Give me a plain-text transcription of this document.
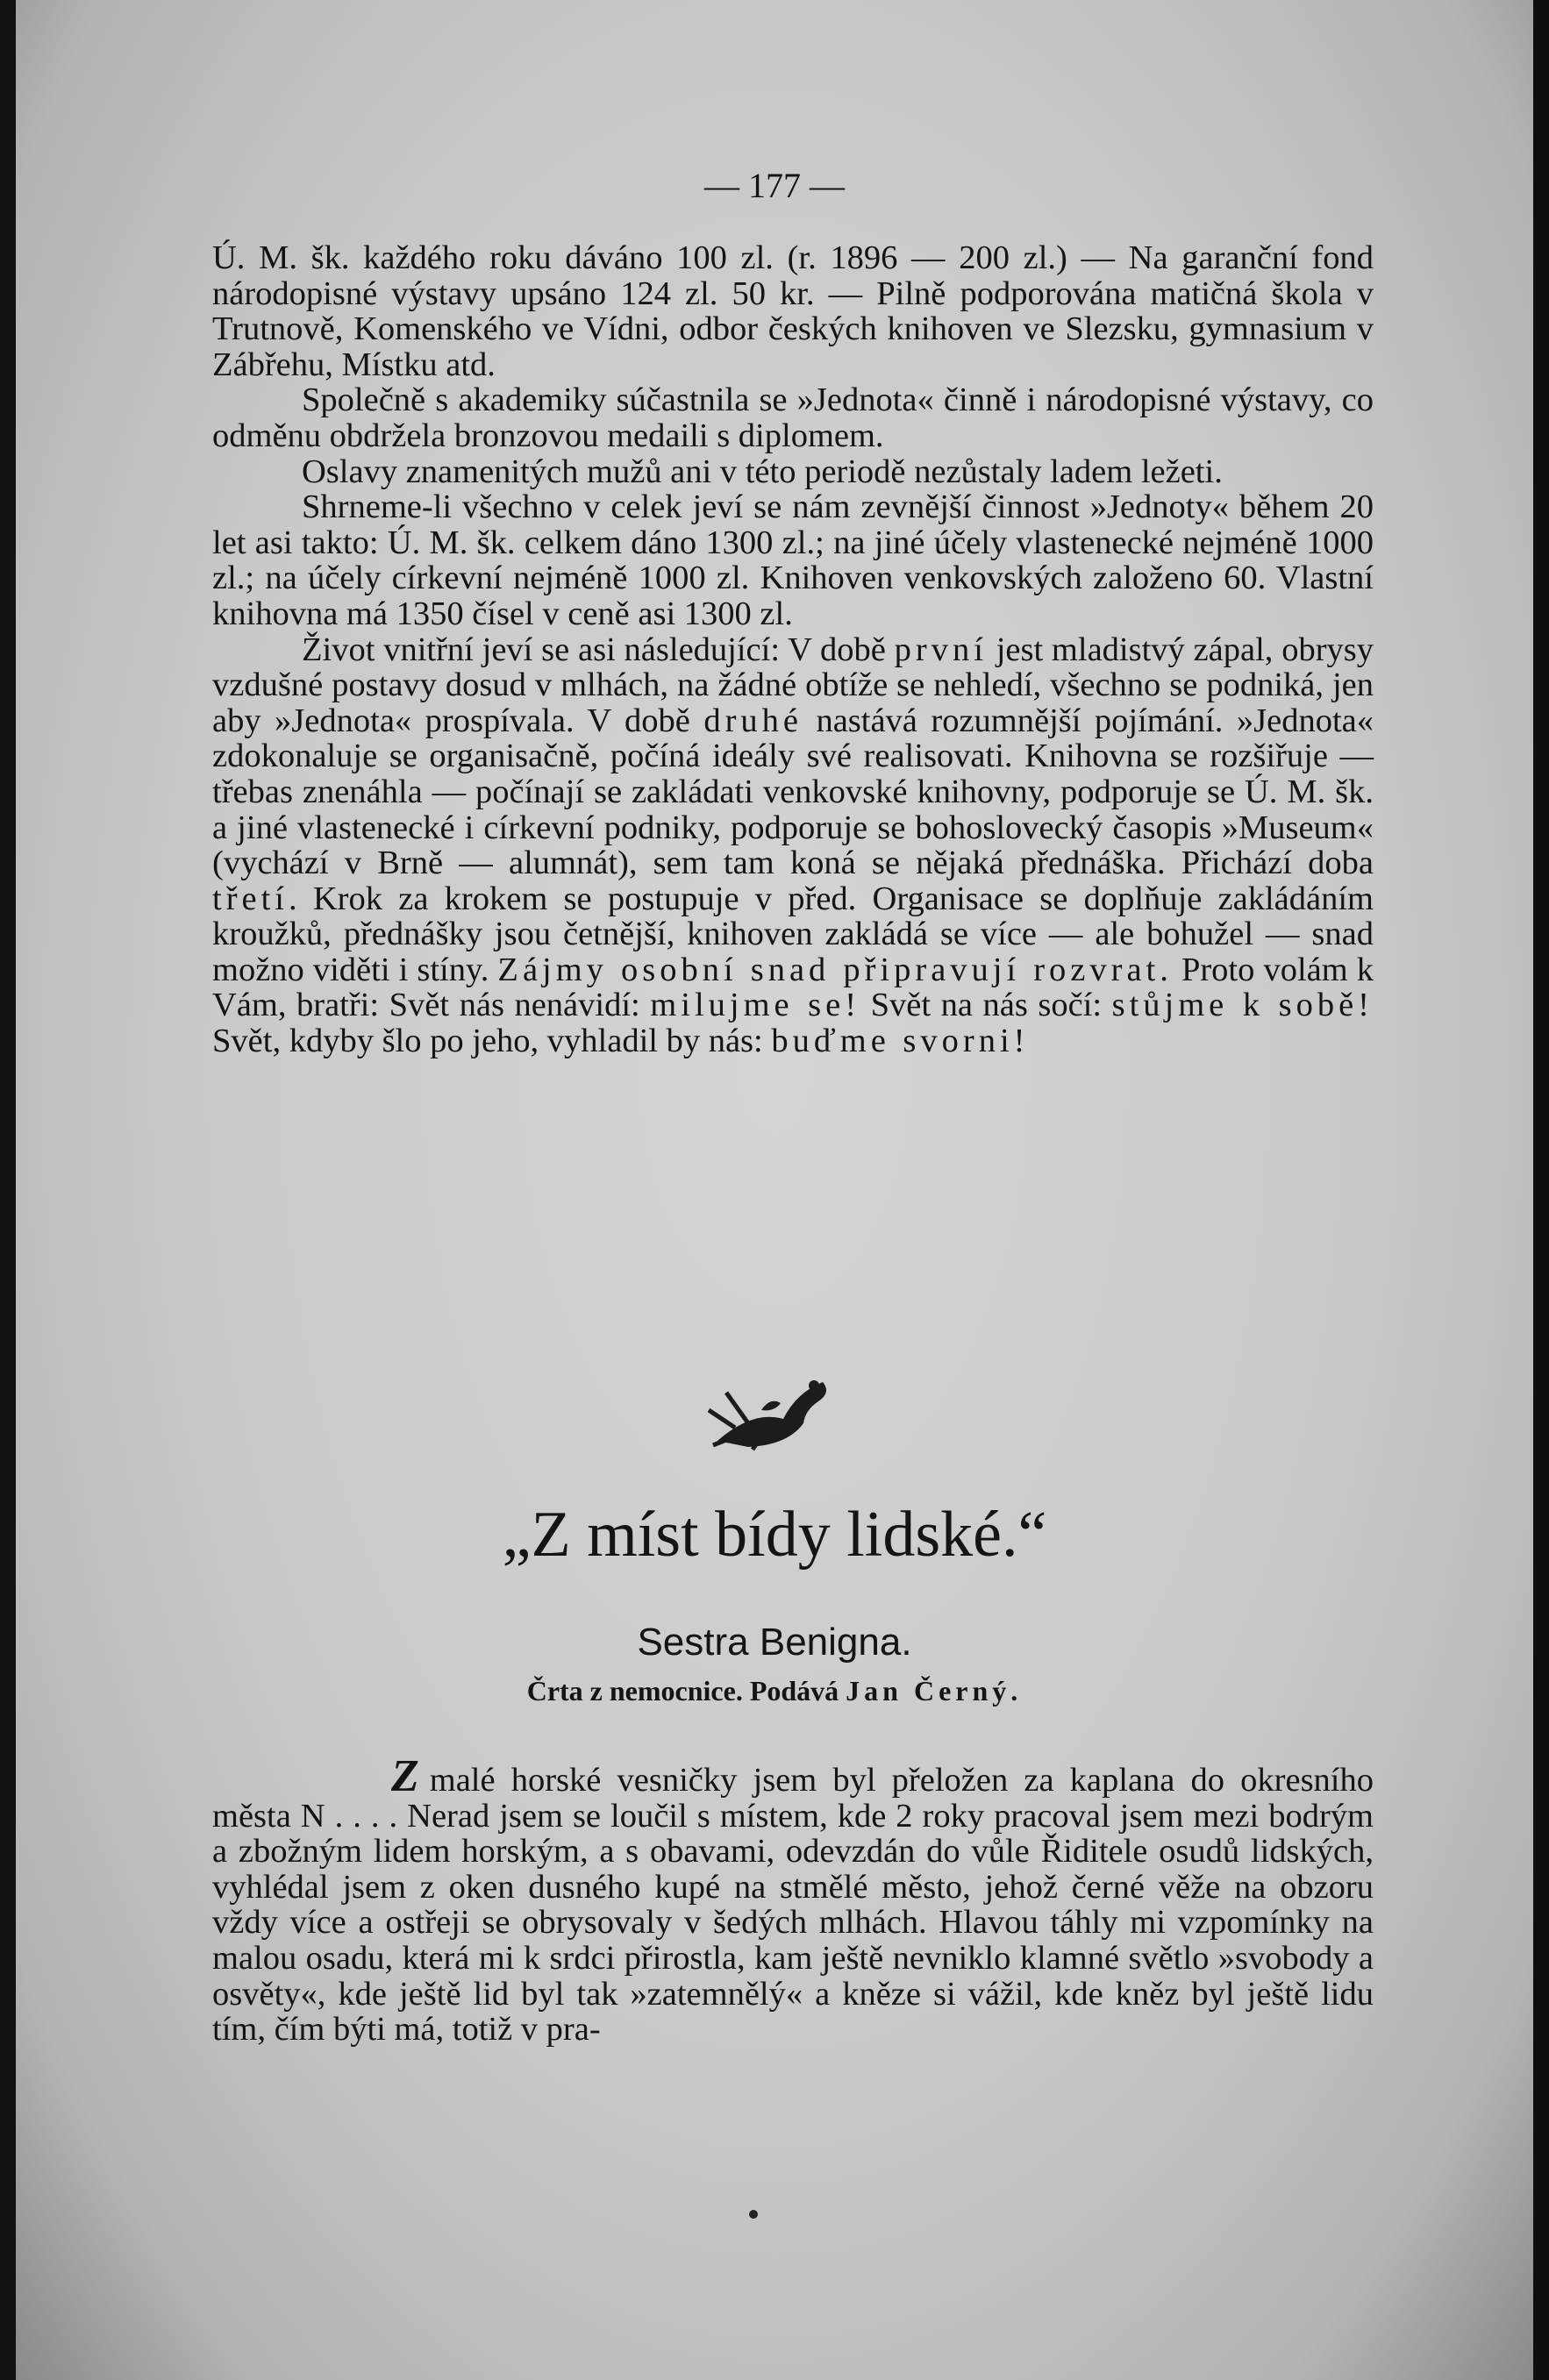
— 177 —

Ú. M. šk. každého roku dáváno 100 zl. (r. 1896 — 200 zl.) — Na garanční fond národopisné výstavy upsáno 124 zl. 50 kr. — Pilně podporována matičná škola v Trutnově, Komenského ve Vídni, odbor českých knihoven ve Slezsku, gymnasium v Zábřehu, Místku atd.

Společně s akademiky súčastnila se »Jednota« činně i národopisné výstavy, co odměnu obdržela bronzovou medaili s diplomem.

Oslavy znamenitých mužů ani v této periodě nezůstaly ladem ležeti.

Shrneme-li všechno v celek jeví se nám zevnější činnost »Jednoty« během 20 let asi takto: Ú. M. šk. celkem dáno 1300 zl.; na jiné účely vlastenecké nejméně 1000 zl.; na účely církevní nejméně 1000 zl. Knihoven venkovských založeno 60. Vlastní knihovna má 1350 čísel v ceně asi 1300 zl.

Život vnitřní jeví se asi následující: V době první jest mladistvý zápal, obrysy vzdušné postavy dosud v mlhách, na žádné obtíže se nehledí, všechno se podniká, jen aby »Jednota« prospívala. V době druhé nastává rozumnější pojímání. »Jednota« zdokonaluje se organisačně, počíná ideály své realisovati. Knihovna se rozšiřuje — třebas znenáhla — počínají se zakládati venkovské knihovny, podporuje se Ú. M. šk. a jiné vlastenecké i církevní podniky, podporuje se bohoslovecký časopis »Museum« (vychází v Brně — alumnát), sem tam koná se nějaká přednáška. Přichází doba třetí. Krok za krokem se postupuje v před. Organisace se doplňuje zakládáním kroužků, přednášky jsou četnější, knihoven zakládá se více — ale bohužel — snad možno viděti i stíny. Zájmy osobní snad připravují rozvrat. Proto volám k Vám, bratři: Svět nás nenávidí: milujme se! Svět na nás sočí: stůjme k sobě! Svět, kdyby šlo po jeho, vyhladil by nás: buďme svorni!

„Z míst bídy lidské.“
Sestra Benigna.
Črta z nemocnice. Podává Jan Černý.

Z malé horské vesničky jsem byl přeložen za kaplana do okresního města N . . . . Nerad jsem se loučil s místem, kde 2 roky pracoval jsem mezi bodrým a zbožným lidem horským, a s obavami, odevzdán do vůle Řiditele osudů lidských, vyhlédal jsem z oken dusného kupé na stmělé město, jehož černé věže na obzoru vždy více a ostřeji se obrysovaly v šedých mlhách. Hlavou táhly mi vzpomínky na malou osadu, která mi k srdci přirostla, kam ještě nevniklo klamné světlo »svobody a osvěty«, kde ještě lid byl tak »zatemnělý« a kněze si vážil, kde kněz byl ještě lidu tím, čím býti má, totiž v pra-
